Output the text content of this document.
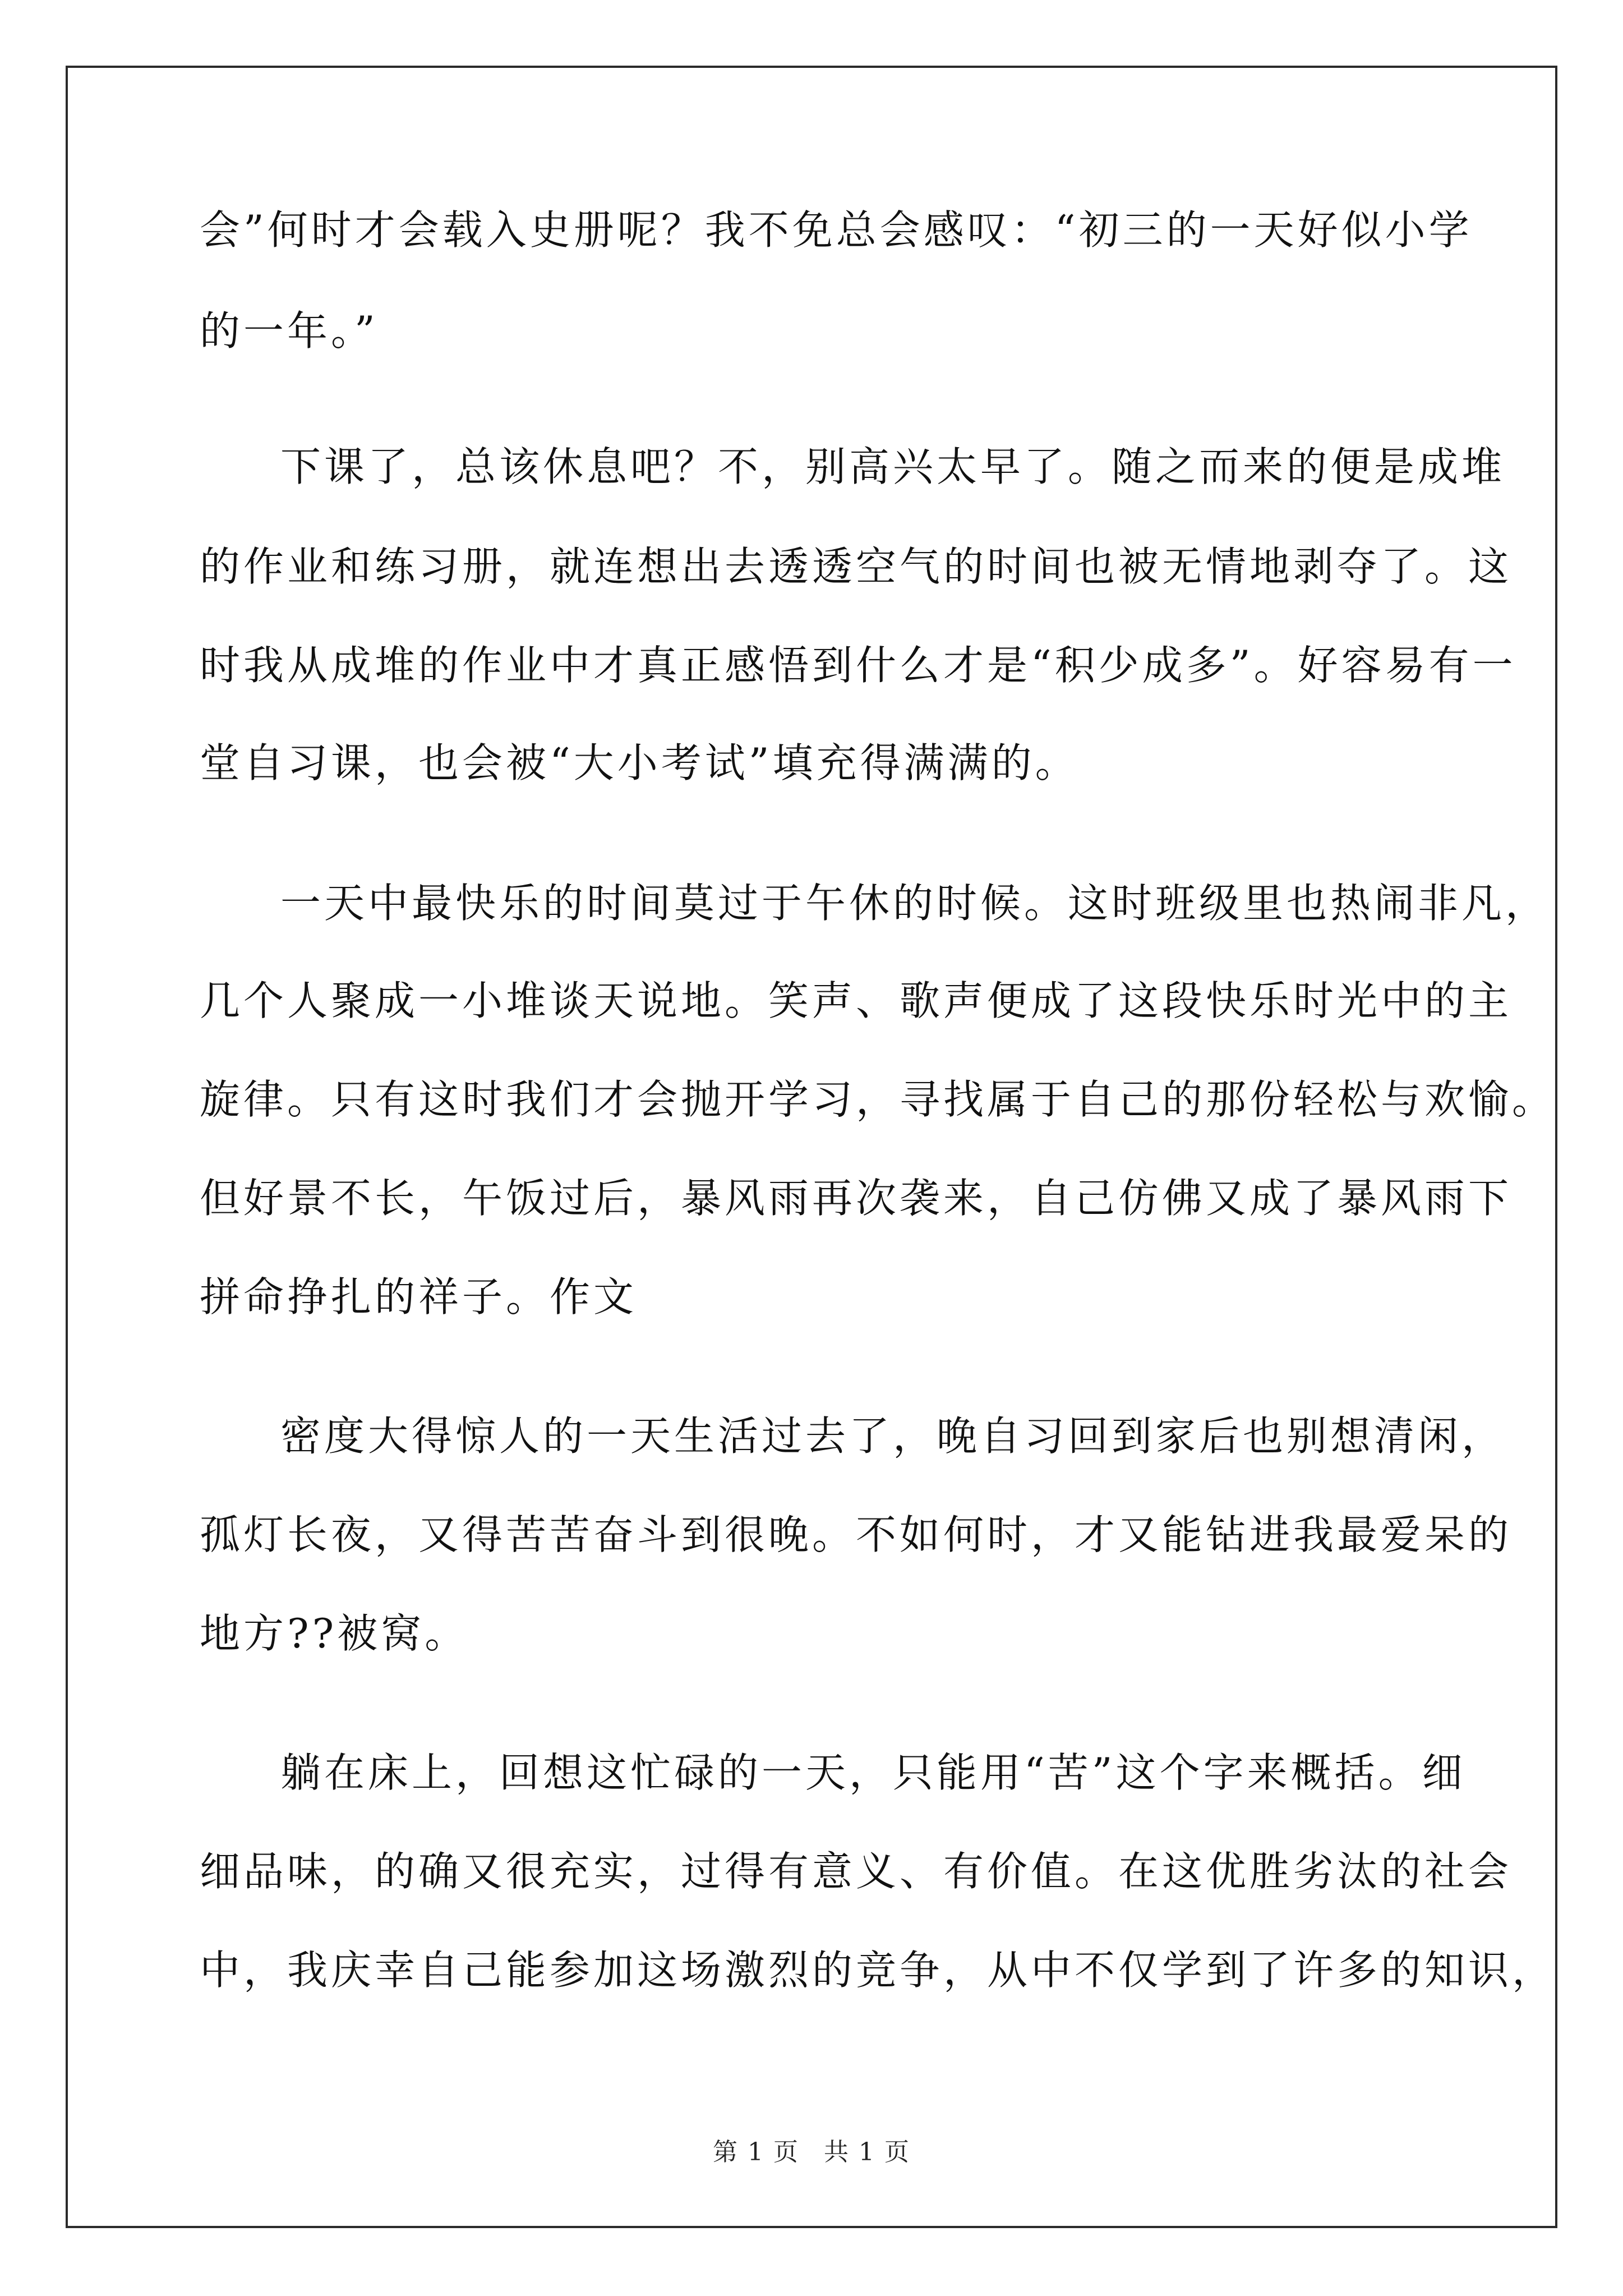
会”何时才会载入史册呢？我不免总会感叹：“初三的一天好似小学
的一年。”
下课了，总该休息吧？不，别高兴太早了。随之而来的便是成堆
的作业和练习册，就连想出去透透空气的时间也被无情地剥夺了。这
时我从成堆的作业中才真正感悟到什么才是“积少成多”。好容易有一
堂自习课，也会被“大小考试”填充得满满的。
一天中最快乐的时间莫过于午休的时候。这时班级里也热闹非凡，
几个人聚成一小堆谈天说地。笑声、歌声便成了这段快乐时光中的主
旋律。只有这时我们才会抛开学习，寻找属于自己的那份轻松与欢愉。
但好景不长，午饭过后，暴风雨再次袭来，自己仿佛又成了暴风雨下
拼命挣扎的祥子。作文
密度大得惊人的一天生活过去了，晚自习回到家后也别想清闲，
孤灯长夜，又得苦苦奋斗到很晚。不如何时，才又能钻进我最爱呆的
地方??被窝。
躺在床上，回想这忙碌的一天，只能用“苦”这个字来概括。细
细品味，的确又很充实，过得有意义、有价值。在这优胜劣汰的社会
中，我庆幸自己能参加这场激烈的竞争，从中不仅学到了许多的知识，
第 1 页 共 1 页
